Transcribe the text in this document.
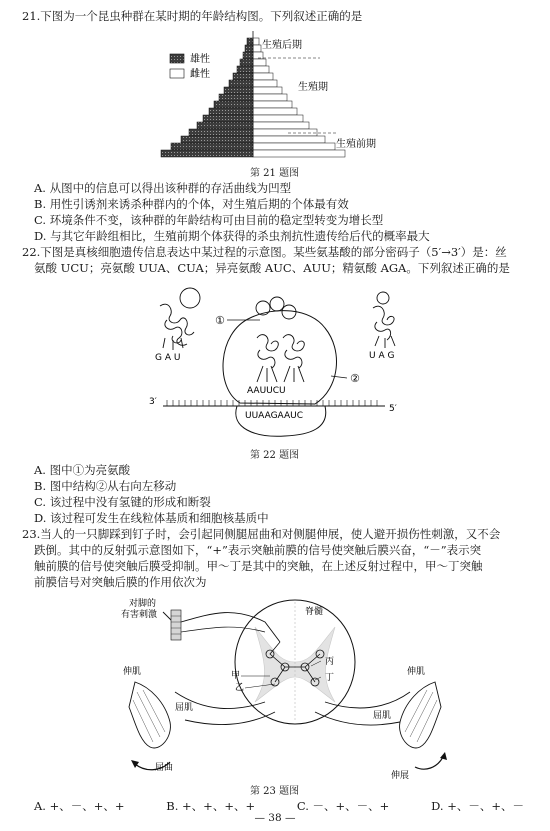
21.下图为一个昆虫种群在某时期的年龄结构图。下列叙述正确的是
雄性
雌性
生殖后期
生殖期
生殖前期
第 21 题图
A. 从图中的信息可以得出该种群的存活曲线为凹型
B. 用性引诱剂来诱杀种群内的个体，对生殖后期的个体最有效
C. 环境条件不变，该种群的年龄结构可由目前的稳定型转变为增长型
D. 与其它年龄组相比，生殖前期个体获得的杀虫剂抗性遗传给后代的概率最大
22.下图是真核细胞遗传信息表达中某过程的示意图。某些氨基酸的部分密码子（5′→3′）是：丝
氨酸 UCU；亮氨酸 UUA、CUA；异亮氨酸 AUC、AUU；精氨酸 AGA。下列叙述正确的是
G A U
AAUUCU
①
②
U A G
3′
5′
UUAAGAAUC
第 22 题图
A. 图中①为亮氨酸
B. 图中结构②从右向左移动
C. 该过程中没有氢键的形成和断裂
D. 该过程可发生在线粒体基质和细胞核基质中
23.当人的一只脚踩到钉子时，会引起同侧腿屈曲和对侧腿伸展，使人避开损伤性刺激，又不会
跌倒。其中的反射弧示意图如下，“+”表示突触前膜的信号使突触后膜兴奋，“－”表示突
触前膜的信号使突触后膜受抑制。甲～丁是其中的突触，在上述反射过程中，甲～丁突触
前膜信号对突触后膜的作用依次为
对脚的
有害刺激	脊髓
甲
乙
丙
丁
伸肌
屈肌
屈曲
伸肌
屈肌
伸展
第 23 题图
A. +、－、+、+	B. +、+、+、+	C. －、+、－、+	D. +、－、+、－
— 38 —
